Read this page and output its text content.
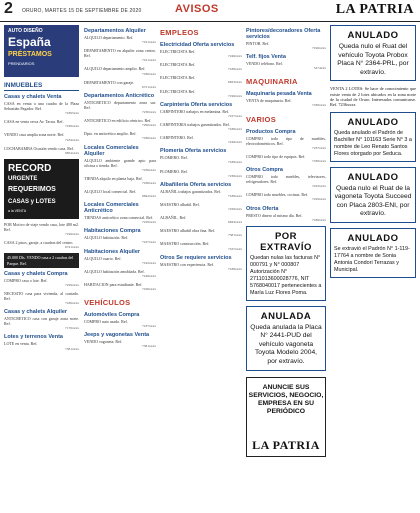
2 ORURO, MARTES 15 DE SEPTIEMBRE DE 2020	AVISOS	LA PATRIA
AUTO DISEÑO
España
PRÉSTAMOS
PRENDARIOS
INMUEBLES
Casas y chalets Venta
CASA en venta a una cuadra de la Plaza Sebastián Pagador. Ref.
71895xxx
CASA en venta cerca Av. Tacna. Ref.
7236xxxx
VENDO casa amplia zona norte. Ref.
7184xxxx
COCHABAMBA Ocasión vendo casa. Ref.
6854xxxx
RECORD
URGENTE
REQUERIMOS
CASAS y LOTES
a la VENTA
POR Motivo de viaje vendo casa, lote 480 m2. Ref.
7196xxxx
CASA 2 pisos, garaje, a cuadras del centro.
6741xxxx
45.000 Dls. VENDO casa a 2 cuadras del Parque. Ref.
Casas y chalets Compra
COMPRO casa o lote. Ref.
7229xxxx
NECESITO casa para vivienda, al contado. Ref.
7186xxxx
Casas y chalets Alquiler
ANTICRETICO casa con garaje zona norte. Ref.
7176xxxx
Lotes y terrenos Venta
LOTE en venta. Ref.
7381xxxx
Departamentos Alquiler
ALQUILO departamento. Ref.
7161xxxx
DEPARTAMENTO en alquiler zona centro. Ref.
7221xxxx
ALQUILO departamento amplio. Ref.
7186xxxx
DEPARTAMENTO con garaje.
6721xxxx
Departamentos Anticrético
ANTICRETICO departamento zona sur. Ref.
7230xxxx
ANTICRETICO en edificio céntrico. Ref.
7290xxxx
Dpto. en anticrético amplio. Ref.
7186xxxx
Locales Comerciales Alquiler
ALQUILO ambiente grande apto para oficina o tienda. Ref.
7236xxxx
TIENDA alquilo en planta baja. Ref.
7186xxxx
ALQUILO local comercial. Ref.
6842xxxx
Locales Comerciales Anticrético
TIENDAS anticrético zona comercial. Ref.
7229xxxx
Habitaciones Compra
ALQUILO habitación. Ref.
7167xxxx
Habitaciones Alquiler
ALQUILO cuarto. Ref.
7192xxxx
ALQUILO habitación amoblada. Ref.
7246xxxx
HABITACION para estudiante. Ref.
7196xxxx
VEHÍCULOS
Automóviles Compra
COMPRO auto usado. Ref.
7237xxxx
Jeeps y vagonetas Venta
VENDO vagoneta. Ref.
7381xxxx
EMPLEOS
Electricidad Oferta servicios
ELECTRICISTA Ref.
7246xxxx
ELECTRICISTA Ref.
7186xxxx
ELECTRICISTA Ref.
6823xxxx
ELECTRICISTA Ref.
7196xxxx
Carpintería Oferta servicios
CARPINTERO trabajos en melamina. Ref.
7227xxxx
CARPINTERIA trabajos garantizados. Ref.
7186xxxx
CARPINTERO. Ref.
7246xxxx
Plomería Oferta servicios
PLOMERO. Ref.
7186xxxx
PLOMERO. Ref.
7236xxxx
Albañilería Oferta servicios
ALBAÑIL trabajos garantizados. Ref.
7186xxxx
MAESTRO albañil. Ref.
7229xxxx
ALBAÑIL. Ref.
6843xxxx
MAESTRO albañil obra fina. Ref.
7381xxxx
MAESTRO construcción. Ref.
7167xxxx
Otros Se requiere servicios
MAESTRO con experiencia. Ref.
7186xxxx
Pintores/decoradores Oferta servicios
PINTOR. Ref.
7196xxxx
Telf. fijos Venta
VENDO teléfono. Ref.
5274xxx
MAQUINARIA
Maquinaria pesada Venta
VENTA de maquinaria. Ref.
7186xxxx
VARIOS
Productos Compra
COMPRO todo tipo de muebles, electrodomésticos. Ref.
7187xxxx
COMPRO todo tipo de equipos. Ref.
7186xxxx
Otros Compra
COMPRO todo muebles, televisores, refrigeradores. Ref.
7243xxxx
COMPRO todo muebles, cocinas. Ref.
7229xxxx
Otros Oferta
PRESTO dinero al mismo día. Ref.
7186xxxx
POR EXTRAVÍO
Quedan nulas las facturas N° 000791 y N° 000807 Autorización N° 2711013600028776, NIT 5768040017 pertenecientes a María Luz Flores Poma.
ANULADA
Queda anulada la Placa N° 2441-PUD del vehículo vagoneta Toyota Modelo 2004, por extravío.
ANUNCIE SUS SERVICIOS, NEGOCIO, EMPRESA EN SU PERIÓDICO
LA PATRIA
ANULADO
Queda nulo el Ruat del vehículo Toyota Probox Placa N° 2364-PRL, por extravío.
VENTA 2 LOTES: Se hace de conocimiento que existe venta de 2 lotes ubicados en la zona norte de la ciudad de Oruro. Interesados comunicarse. Ref. 7236xxxx
ANULADO
Queda anulado el Padrón de Bachiller N° 101163 Serie N° 3 a nombre de Leo Renato Santos Flores otorgado por Seduca.
ANULADO
Queda nulo el Ruat de la vagoneta Toyota Succeed con Placa 2803-ENI, por extravío.
ANULADO
Se extravió el Padrón N° 1-119-17764 a nombre de Sonia Antonia Condori Terrazas y Municipal.
